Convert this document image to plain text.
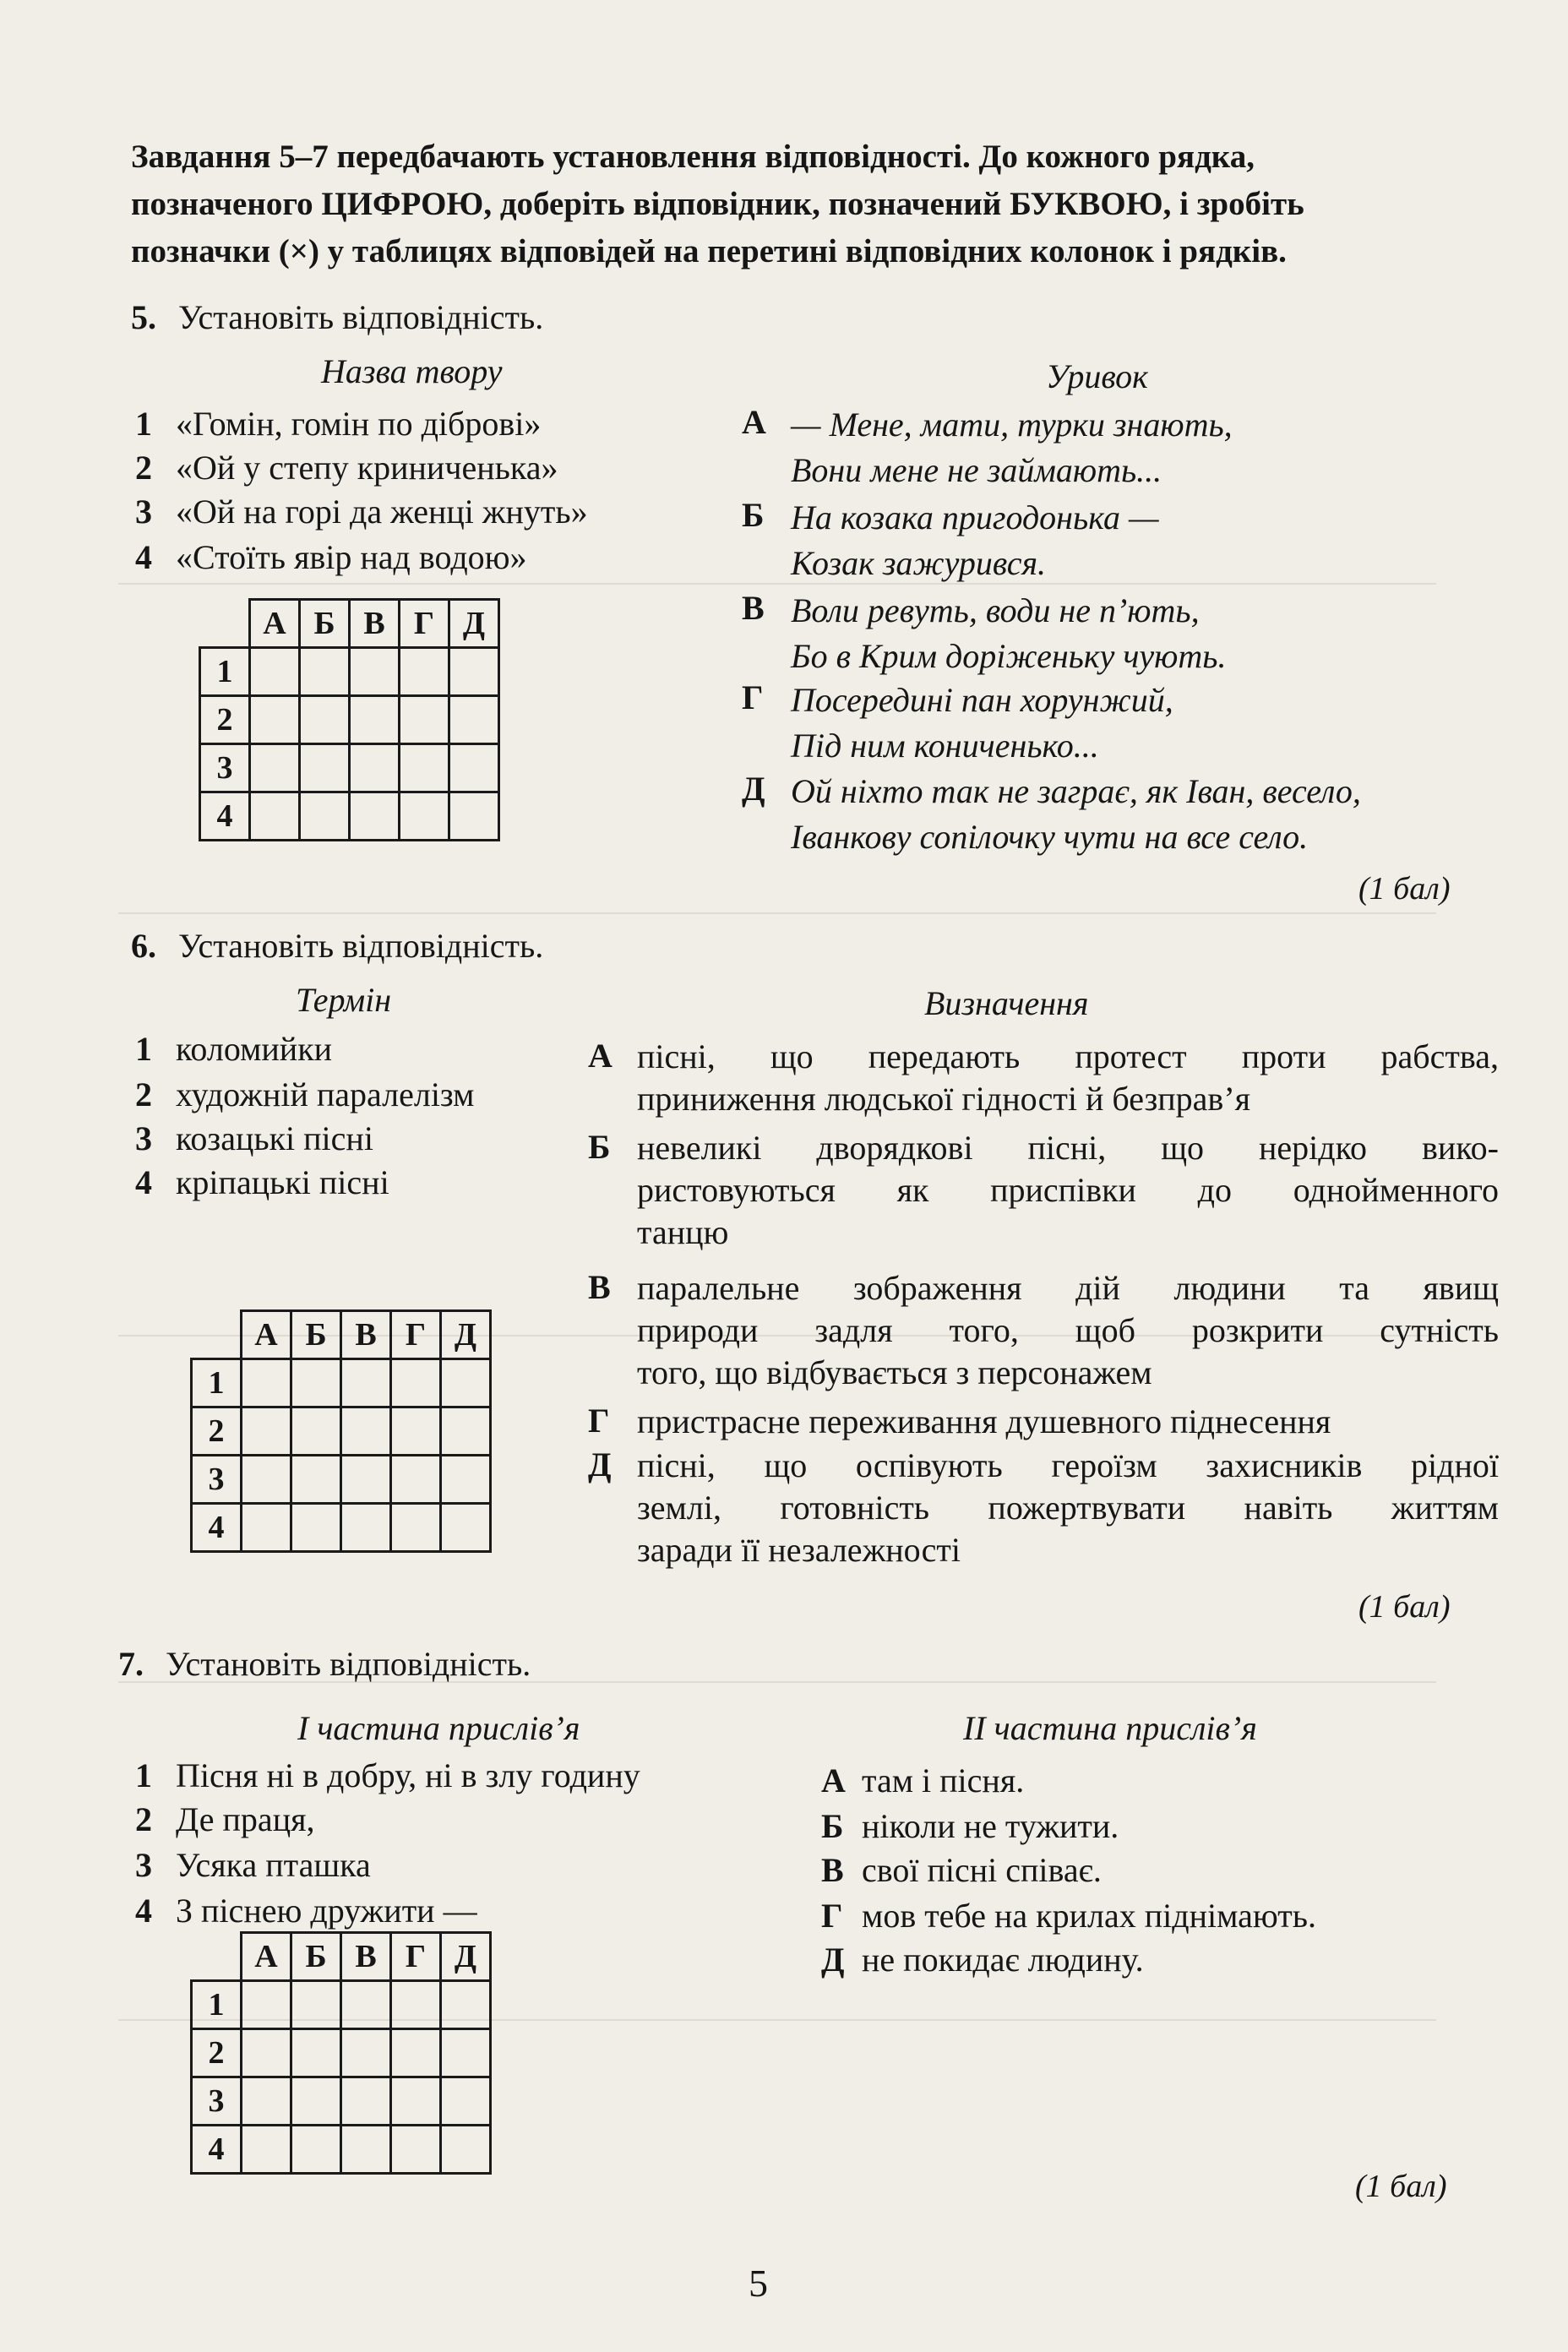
Завдання 5–7 передбачають установлення відповідності. До кожного рядка,
позначеного ЦИФРОЮ, доберіть відповідник, позначений БУКВОЮ, і зробіть
позначки (×) у таблицях відповідей на перетині відповідних колонок і рядків.
5. Установіть відповідність.
Назва твору	Уривок
1 «Гомін, гомін по діброві»
2 «Ой у степу криниченька»
3 «Ой на горі да женці жнуть»
4 «Стоїть явір над водою»
А — Мене, мати, турки знають,
Вони мене не займають...
Б На козака пригодонька —
Козак зажурився.
В Воли ревуть, води не п’ють,
Бо в Крим доріженьку чують.
Г Посередині пан хорунжий,
Під ним кониченько...
Д Ой ніхто так не заграє, як Іван, весело,
Іванкову сопілочку чути на все село.
(1 бал)
	А	Б	В	Г	Д
1					
2					
3					
4					
6. Установіть відповідність.
Термін	Визначення
1 коломийки
2 художній паралелізм
3 козацькі пісні
4 кріпацькі пісні
А пісні, що передають протест проти рабства,
приниження людської гідності й безправ’я
Б невеликі дворядкові пісні, що нерідко вико-
ристовуються як приспівки до однойменного
танцю
В паралельне зображення дій людини та явищ
природи задля того, щоб розкрити сутність
того, що відбувається з персонажем
Г пристрасне переживання душевного піднесення
Д пісні, що оспівують героїзм захисників рідної
землі, готовність пожертвувати навіть життям
заради її незалежності
(1 бал)
	А	Б	В	Г	Д
1					
2					
3					
4					
7. Установіть відповідність.
I частина прислів’я	II частина прислів’я
1 Пісня ні в добру, ні в злу годину
2 Де праця,
3 Усяка пташка
4 З піснею дружити —
А там і пісня.
Б ніколи не тужити.
В свої пісні співає.
Г мов тебе на крилах піднімають.
Д не покидає людину.
	А	Б	В	Г	Д
1					
2					
3					
4					
(1 бал)
5
